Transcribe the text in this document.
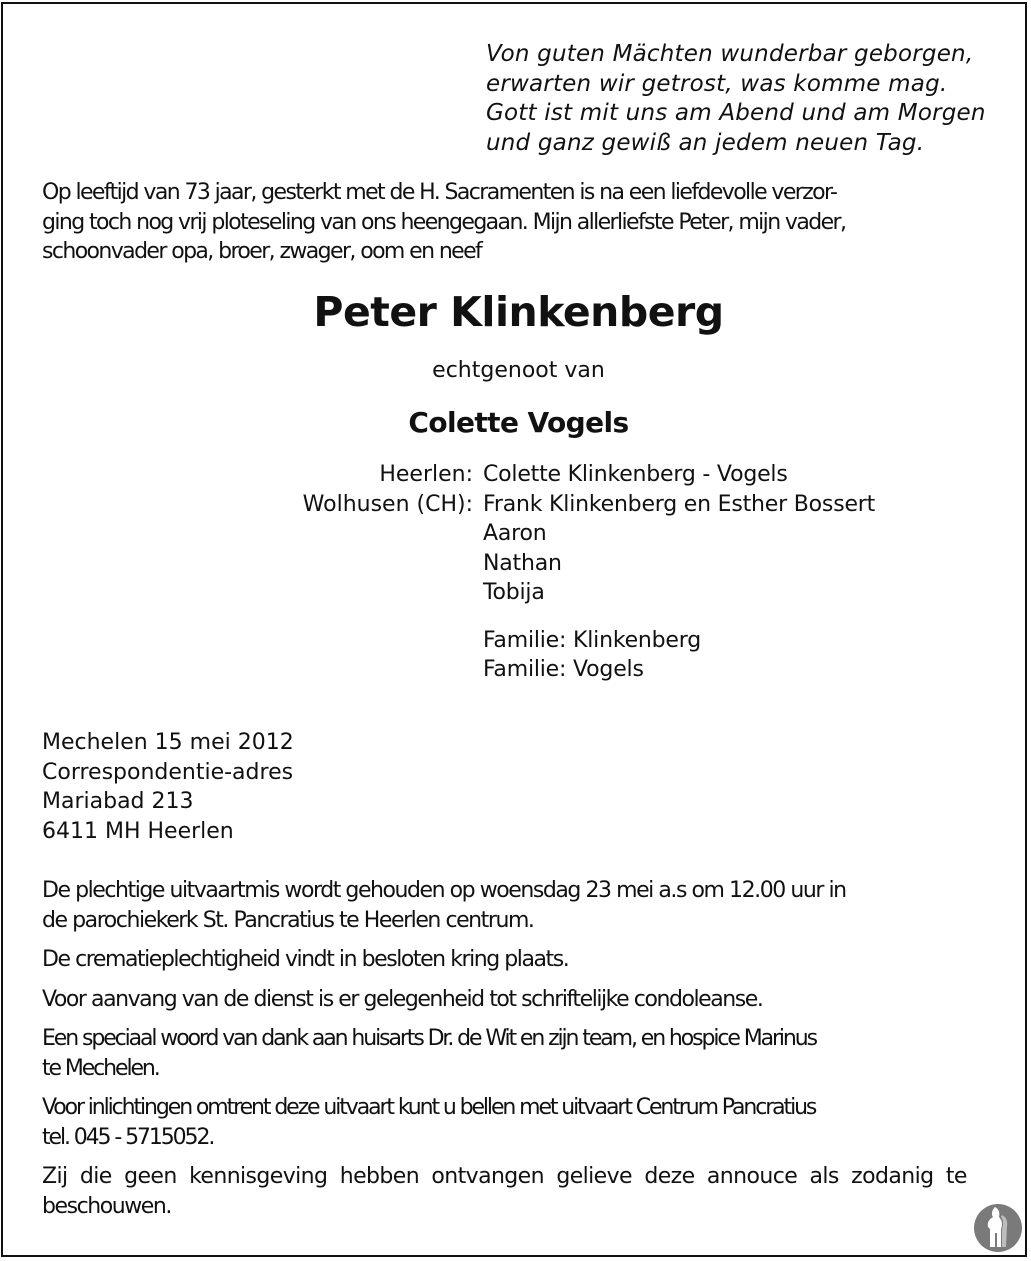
Von guten Mächten wunderbar geborgen,
erwarten wir getrost, was komme mag.
Gott ist mit uns am Abend und am Morgen
und ganz gewiß an jedem neuen Tag.
Op leeftijd van 73 jaar, gesterkt met de H. Sacramenten is na een liefdevolle verzor-
ging toch nog vrij ploteseling van ons heengegaan. Mijn allerliefste Peter, mijn vader,
schoonvader opa, broer, zwager, oom en neef
Peter Klinkenberg
echtgenoot van
Colette Vogels
Heerlen: Colette Klinkenberg - Vogels
Wolhusen (CH): Frank Klinkenberg en Esther Bossert
Aaron
Nathan
Tobija
Familie: Klinkenberg
Familie: Vogels
Mechelen 15 mei 2012
Correspondentie-adres
Mariabad 213
6411 MH Heerlen
De plechtige uitvaartmis wordt gehouden op woensdag 23 mei a.s om 12.00 uur in
de parochiekerk St. Pancratius te Heerlen centrum.
De crematieplechtigheid vindt in besloten kring plaats.
Voor aanvang van de dienst is er gelegenheid tot schriftelijke condoleanse.
Een speciaal woord van dank aan huisarts Dr. de Wit en zijn team, en hospice Marinus
te Mechelen.
Voor inlichtingen omtrent deze uitvaart kunt u bellen met uitvaart Centrum Pancratius
tel. 045 - 5715052.
Zij die geen kennisgeving hebben ontvangen gelieve deze annouce als zodanig te
beschouwen.
